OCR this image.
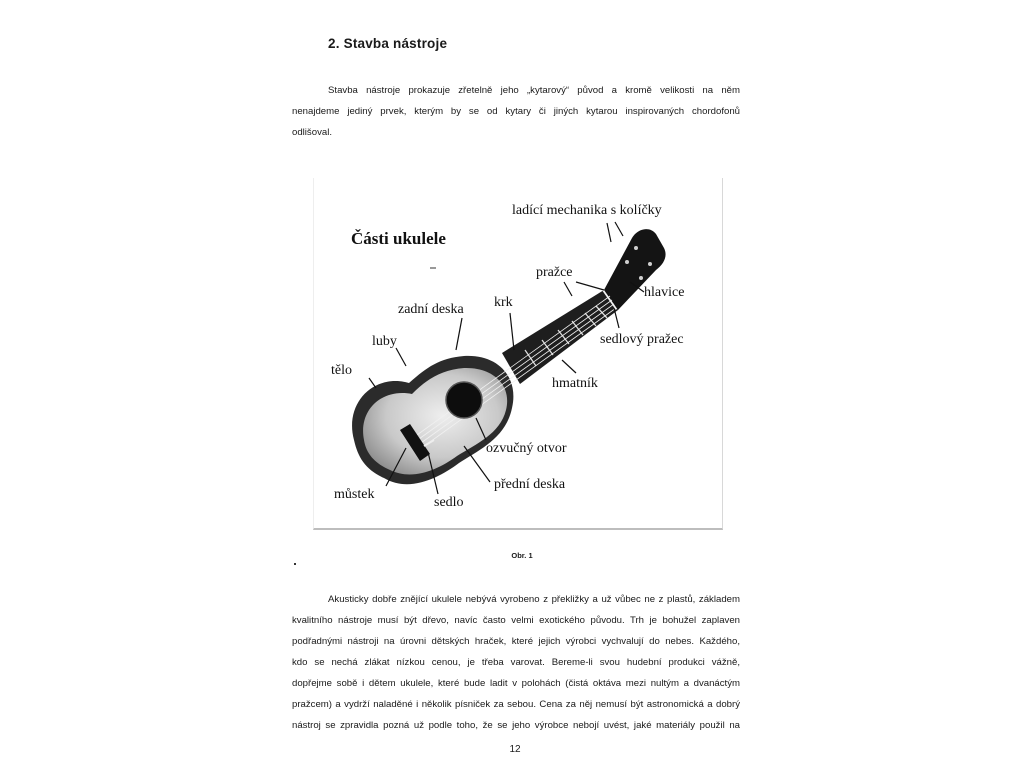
2. Stavba nástroje
Stavba nástroje prokazuje zřetelně jeho „kytarový“ původ a kromě velikosti na něm
nenajdeme jediný prvek, kterým by se od kytary či jiných kytarou inspirovaných chordofonů
odlišoval.
Části ukulele
ladící mechanika s kolíčky
pražce
hlavice
sedlový pražec
krk
zadní deska
luby
tělo
hmatník
ozvučný otvor
přední deska
můstek
sedlo
Obr. 1
Akusticky dobře znějící ukulele nebývá vyrobeno z překližky a už vůbec ne z plastů, základem
kvalitního nástroje musí být dřevo, navíc často velmi exotického původu. Trh je bohužel zaplaven
podřadnými nástroji na úrovni dětských hraček, které jejich výrobci vychvalují do nebes. Každého,
kdo se nechá zlákat nízkou cenou, je třeba varovat. Bereme-li svou hudební produkci vážně,
dopřejme sobě i dětem ukulele, které bude ladit v polohách (čistá oktáva mezi nultým a dvanáctým
pražcem) a vydrží naladěné i několik písniček za sebou. Cena za něj nemusí být astronomická a dobrý
nástroj se zpravidla pozná už podle toho, že se jeho výrobce nebojí uvést, jaké materiály použil na
12
